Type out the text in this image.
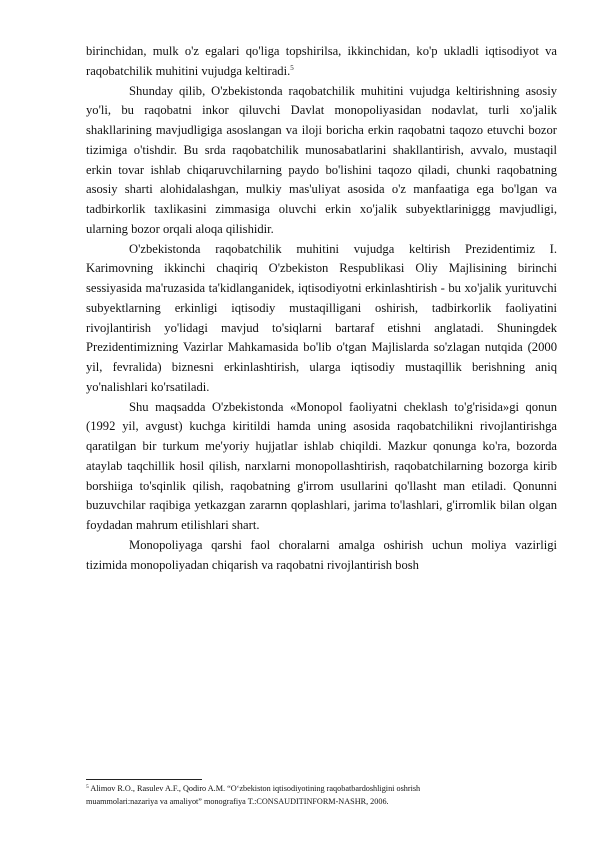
birinchidan, mulk o'z egalari qo'liga topshirilsa, ikkinchidan, ko'p ukladli iqtisodiyot va raqobatchilik muhitini vujudga keltiradi.$^5$

Shunday qilib, O'zbekistonda raqobatchilik muhitini vujudga keltirishning asosiy yo'li, bu raqobatni inkor qiluvchi Davlat monopoliyasidan nodavlat, turli xo'jalik shakllarining mavjudligiga asoslangan va iloji boricha erkin raqobatni taqozo etuvchi bozor tizimiga o'tishdir. Bu srda raqobatchilik munosabatlarini shakllantirish, avvalo, mustaqil erkin tovar ishlab chiqaruvchilarning paydo bo'lishini taqozo qiladi, chunki raqobatning asosiy sharti alohidalashgan, mulkiy mas'uliyat asosida o'z manfaatiga ega bo'lgan va tadbirkorlik taxlikasini zimmasiga oluvchi erkin xo'jalik subyektlariniggg mavjudligi, ularning bozor orqali aloqa qilishidir.

O'zbekistonda raqobatchilik muhitini vujudga keltirish Prezidentimiz I. Karimovning ikkinchi chaqiriq O'zbekiston Respublikasi Oliy Majlisining birinchi sessiyasida ma'ruzasida ta'kidlanganidek, iqtisodiyotni erkinlashtirish - bu xo'jalik yurituvchi subyektlarning erkinligi iqtisodiy mustaqilligani oshirish, tadbirkorlik faoliyatini rivojlantirish yo'lidagi mavjud to'siqlarni bartaraf etishni anglatadi. Shuningdek Prezidentimizning Vazirlar Mahkamasida bo'lib o'tgan Majlislarda so'zlagan nutqida (2000 yil, fevralida) biznesni erkinlashtirish, ularga iqtisodiy mustaqillik berishning aniq yo'nalishlari ko'rsatiladi.

Shu maqsadda O'zbekistonda «Monopol faoliyatni cheklash to'g'risida»gi qonun (1992 yil, avgust) kuchga kiritildi hamda uning asosida raqobatchilikni rivojlantirishga qaratilgan bir turkum me'yoriy hujjatlar ishlab chiqildi. Mazkur qonunga ko'ra, bozorda ataylab taqchillik hosil qilish, narxlarni monopollashtirish, raqobatchilarning bozorga kirib borshiiga to'sqinlik qilish, raqobatning g'irrom usullarini qo'llasht man etiladi. Qonunni buzuvchilar raqibiga yetkazgan zararnn qoplashlari, jarima to'lashlari, g'irromlik bilan olgan foydadan mahrum etilishlari shart.

Monopoliyaga qarshi faol choralarni amalga oshirish uchun moliya vazirligi tizimida monopoliyadan chiqarish va raqobatni rivojlantirish bosh

$^5$ Alimov R.O., Rasulev A.F., Qodiro A.M. “O‘zbekiston iqtisodiyotining raqobatbardoshligini oshrish
muammolari:nazariya va amaliyot” monografiya T.:CONSAUDITINFORM-NASHR, 2006.
